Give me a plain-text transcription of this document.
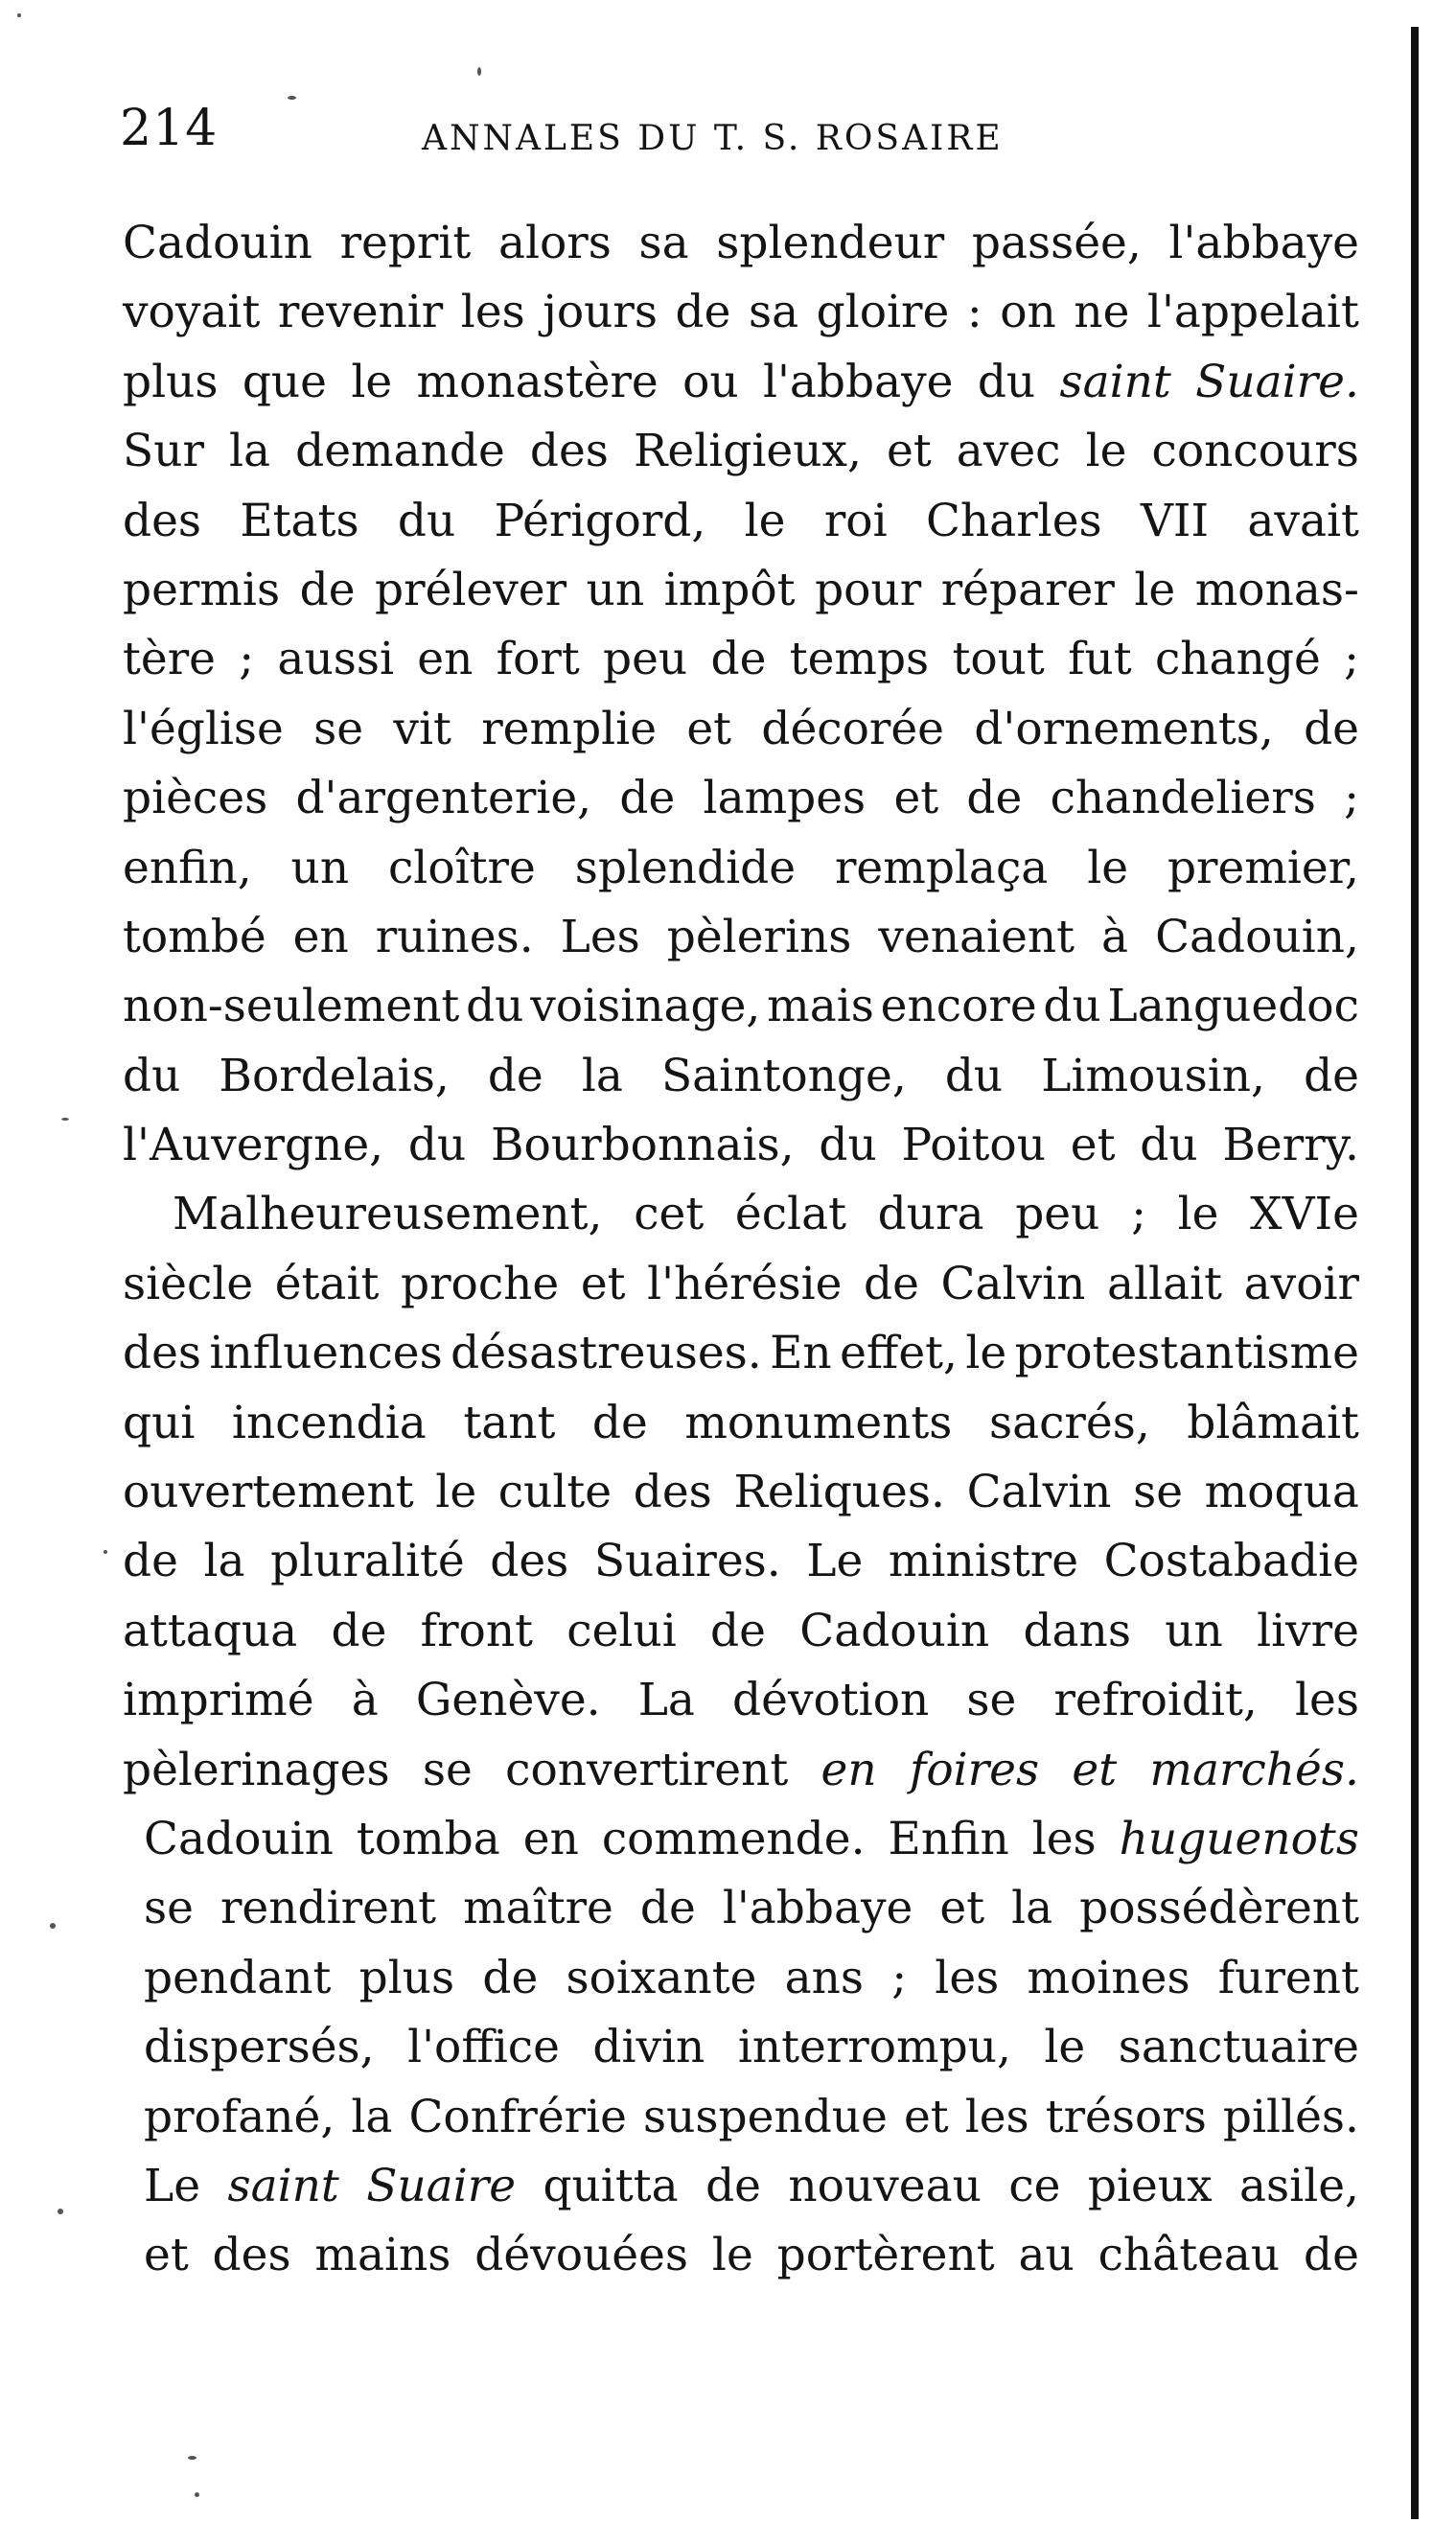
214	ANNALES DU T. S. ROSAIRE
Cadouin reprit alors sa splendeur passée, l'abbaye
voyait revenir les jours de sa gloire : on ne l'appelait
plus que le monastère ou l'abbaye du saint Suaire.
Sur la demande des Religieux, et avec le concours
des Etats du Périgord, le roi Charles VII avait
permis de prélever un impôt pour réparer le monas-
tère ; aussi en fort peu de temps tout fut changé ;
l'église se vit remplie et décorée d'ornements, de
pièces d'argenterie, de lampes et de chandeliers ;
enfin, un cloître splendide remplaça le premier,
tombé en ruines. Les pèlerins venaient à Cadouin,
non-seulement du voisinage, mais encore du Languedoc
du Bordelais, de la Saintonge, du Limousin, de
l'Auvergne, du Bourbonnais, du Poitou et du Berry.
Malheureusement, cet éclat dura peu ; le XVIe
siècle était proche et l'hérésie de Calvin allait avoir
des influences désastreuses. En effet, le protestantisme
qui incendia tant de monuments sacrés, blâmait
ouvertement le culte des Reliques. Calvin se moqua
de la pluralité des Suaires. Le ministre Costabadie
attaqua de front celui de Cadouin dans un livre
imprimé à Genève. La dévotion se refroidit, les
pèlerinages se convertirent en foires et marchés.
Cadouin tomba en commende. Enfin les huguenots
se rendirent maître de l'abbaye et la possédèrent
pendant plus de soixante ans ; les moines furent
dispersés, l'office divin interrompu, le sanctuaire
profané, la Confrérie suspendue et les trésors pillés.
Le saint Suaire quitta de nouveau ce pieux asile,
et des mains dévouées le portèrent au château de
